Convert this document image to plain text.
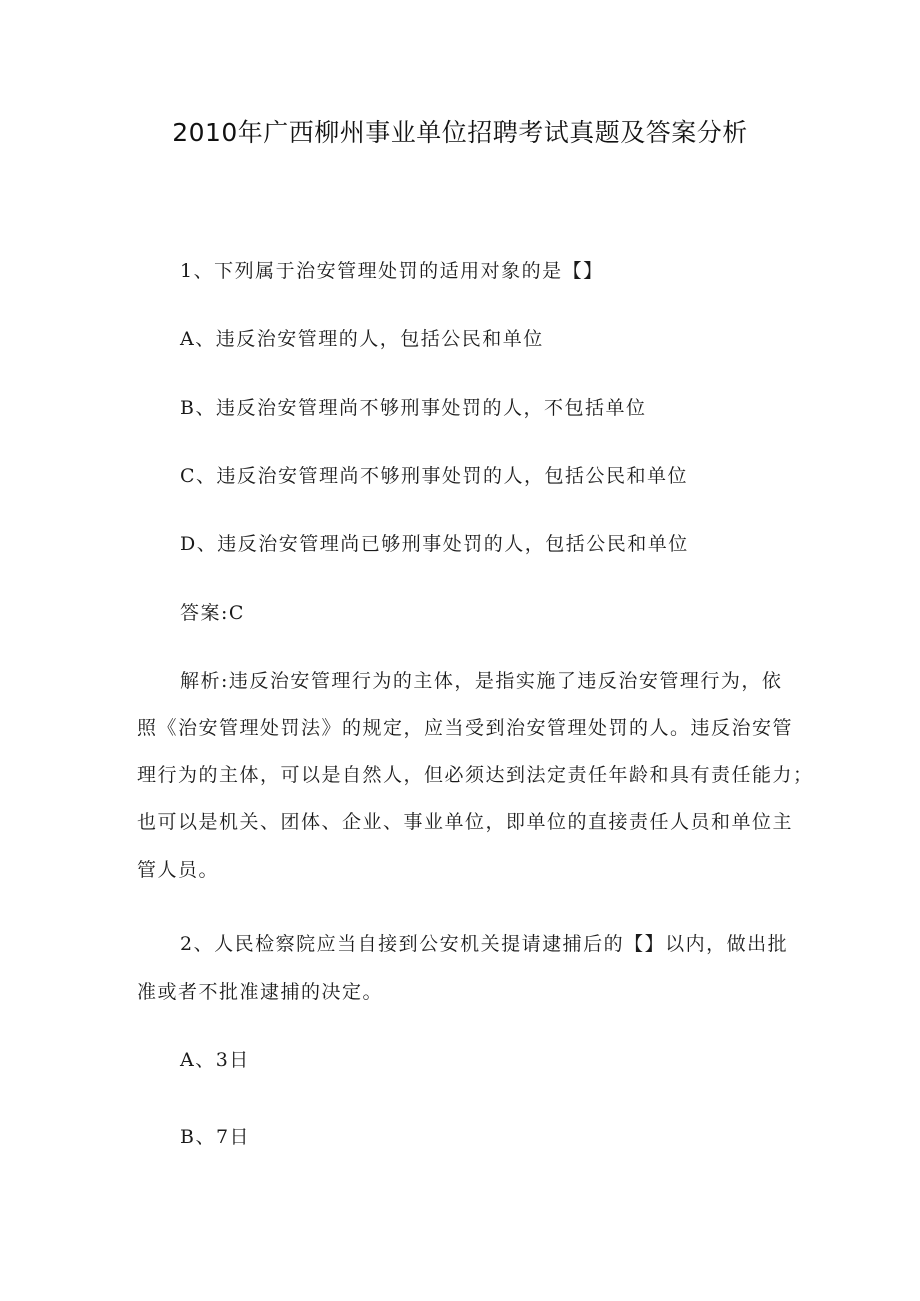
2010年广西柳州事业单位招聘考试真题及答案分析

1、下列属于治安管理处罚的适用对象的是【】

A、违反治安管理的人，包括公民和单位

B、违反治安管理尚不够刑事处罚的人，不包括单位

C、违反治安管理尚不够刑事处罚的人，包括公民和单位

D、违反治安管理尚已够刑事处罚的人，包括公民和单位

答案:C

解析:违反治安管理行为的主体，是指实施了违反治安管理行为，依

照《治安管理处罚法》的规定，应当受到治安管理处罚的人。违反治安管

理行为的主体，可以是自然人，但必须达到法定责任年龄和具有责任能力；

也可以是机关、团体、企业、事业单位，即单位的直接责任人员和单位主

管人员。

2、人民检察院应当自接到公安机关提请逮捕后的【】以内，做出批

准或者不批准逮捕的决定。

A、3日

B、7日
